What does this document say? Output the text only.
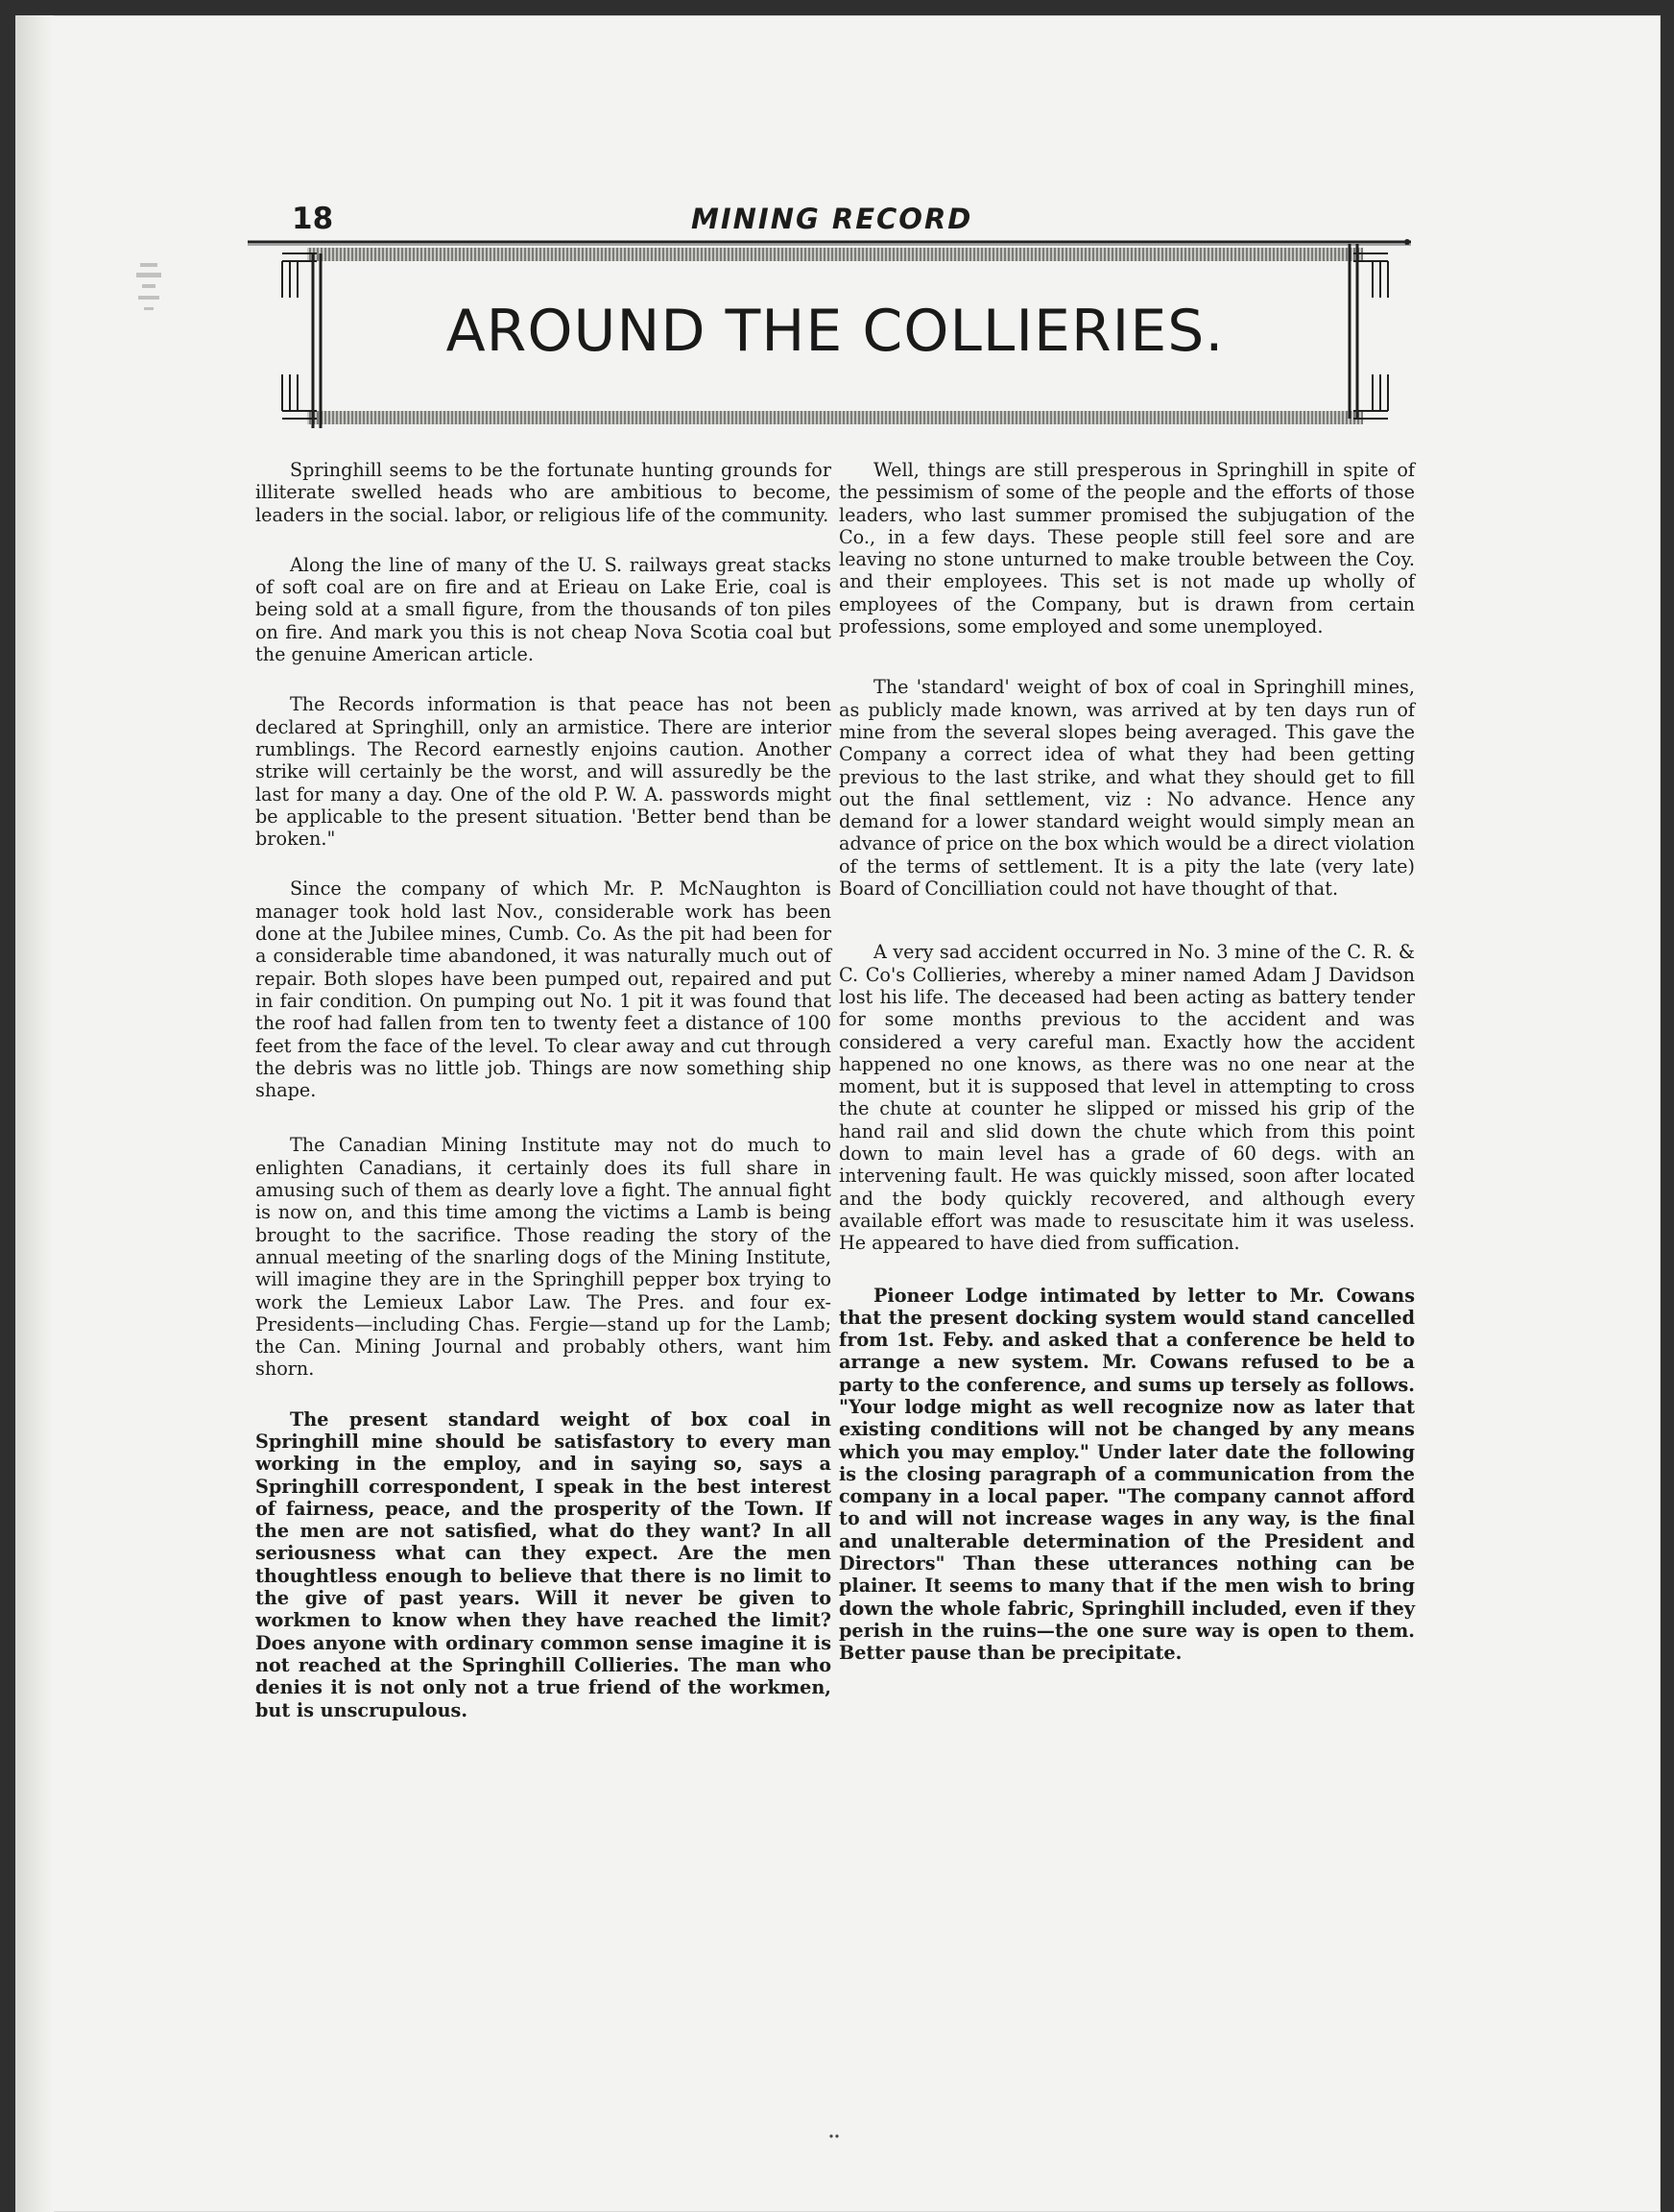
18	MINING RECORD
AROUND THE COLLIERIES.

Springhill seems to be the fortunate hunting grounds for illiterate swelled heads who are ambitious to become, leaders in the social. labor, or religious life of the community.

Along the line of many of the U. S. railways great stacks of soft coal are on fire and at Erieau on Lake Erie, coal is being sold at a small figure, from the thousands of ton piles on fire. And mark you this is not cheap Nova Scotia coal but the genuine American article.

The Records information is that peace has not been declared at Springhill, only an armistice. There are interior rumblings. The Record earnestly enjoins caution. Another strike will certainly be the worst, and will assuredly be the last for many a day. One of the old P. W. A. passwords might be applicable to the present situation. 'Better bend than be broken."

Since the company of which Mr. P. McNaughton is manager took hold last Nov., considerable work has been done at the Jubilee mines, Cumb. Co. As the pit had been for a considerable time abandoned, it was naturally much out of repair. Both slopes have been pumped out, repaired and put in fair condition. On pumping out No. 1 pit it was found that the roof had fallen from ten to twenty feet a distance of 100 feet from the face of the level. To clear away and cut through the debris was no little job. Things are now something ship shape.

The Canadian Mining Institute may not do much to enlighten Canadians, it certainly does its full share in amusing such of them as dearly love a fight. The annual fight is now on, and this time among the victims a Lamb is being brought to the sacrifice. Those reading the story of the annual meeting of the snarling dogs of the Mining Institute, will imagine they are in the Springhill pepper box trying to work the Lemieux Labor Law. The Pres. and four ex-Presidents—including Chas. Fergie—stand up for the Lamb; the Can. Mining Journal and probably others, want him shorn.

The present standard weight of box coal in Springhill mine should be satisfastory to every man working in the employ, and in saying so, says a Springhill correspondent, I speak in the best interest of fairness, peace, and the prosperity of the Town. If the men are not satisfied, what do they want? In all seriousness what can they expect. Are the men thoughtless enough to believe that there is no limit to the give of past years. Will it never be given to workmen to know when they have reached the limit? Does anyone with ordinary common sense imagine it is not reached at the Springhill Collieries. The man who denies it is not only not a true friend of the workmen, but is unscrupulous.

Well, things are still presperous in Springhill in spite of the pessimism of some of the people and the efforts of those leaders, who last summer promised the subjugation of the Co., in a few days. These people still feel sore and are leaving no stone unturned to make trouble between the Coy. and their employees. This set is not made up wholly of employees of the Company, but is drawn from certain professions, some employed and some unemployed.

The 'standard' weight of box of coal in Springhill mines, as publicly made known, was arrived at by ten days run of mine from the several slopes being averaged. This gave the Company a correct idea of what they had been getting previous to the last strike, and what they should get to fill out the final settlement, viz : No advance. Hence any demand for a lower standard weight would simply mean an advance of price on the box which would be a direct violation of the terms of settlement. It is a pity the late (very late) Board of Concilliation could not have thought of that.

A very sad accident occurred in No. 3 mine of the C. R. & C. Co's Collieries, whereby a miner named Adam J Davidson lost his life. The deceased had been acting as battery tender for some months previous to the accident and was considered a very careful man. Exactly how the accident happened no one knows, as there was no one near at the moment, but it is supposed that level in attempting to cross the chute at counter he slipped or missed his grip of the hand rail and slid down the chute which from this point down to main level has a grade of 60 degs. with an intervening fault. He was quickly missed, soon after located and the body quickly recovered, and although every available effort was made to resuscitate him it was useless. He appeared to have died from suffication.

Pioneer Lodge intimated by letter to Mr. Cowans that the present docking system would stand cancelled from 1st. Feby. and asked that a conference be held to arrange a new system. Mr. Cowans refused to be a party to the conference, and sums up tersely as follows. "Your lodge might as well recognize now as later that existing conditions will not be changed by any means which you may employ." Under later date the following is the closing paragraph of a communication from the company in a local paper. "The company cannot afford to and will not increase wages in any way, is the final and unalterable determination of the President and Directors" Than these utterances nothing can be plainer. It seems to many that if the men wish to bring down the whole fabric, Springhill included, even if they perish in the ruins—the one sure way is open to them. Better pause than be precipitate.
